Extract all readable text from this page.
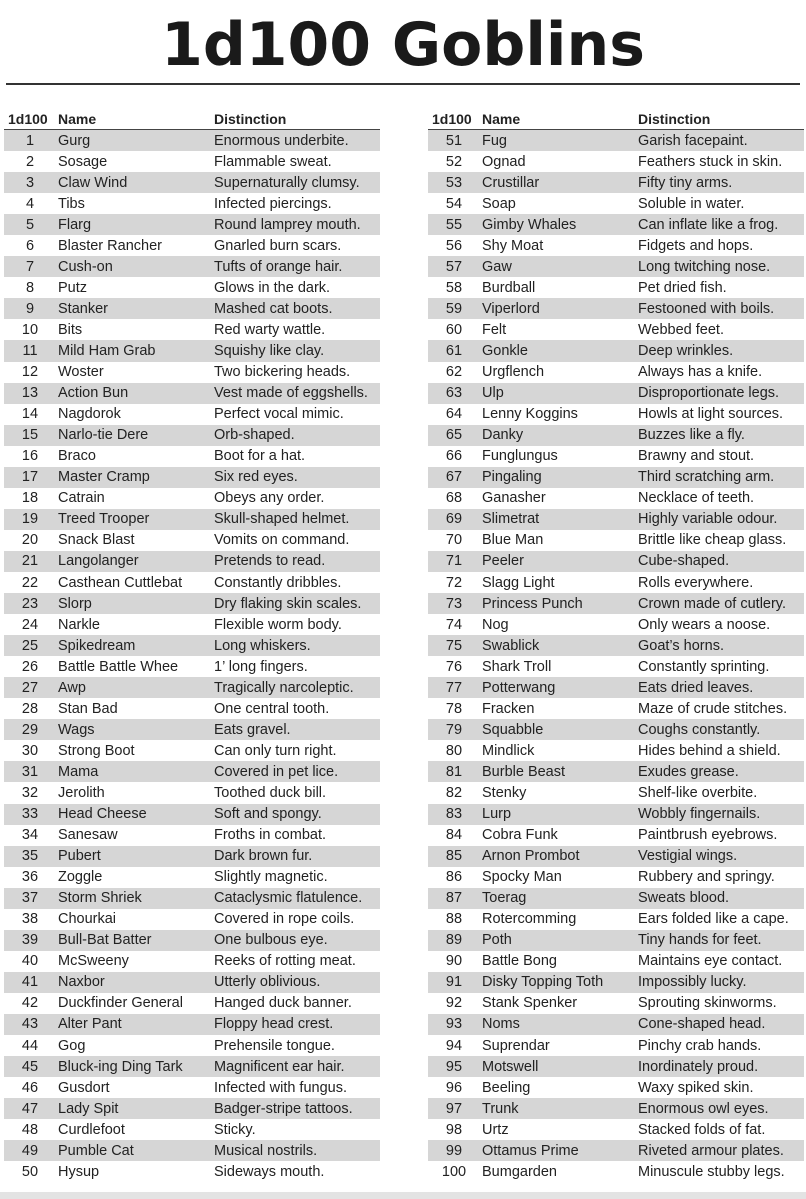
1d100 Goblins
1d100 Name	Distinction
1	Gurg	Enormous underbite.
2	Sosage	Flammable sweat.
3	Claw Wind	Supernaturally clumsy.
4	Tibs	Infected piercings.
5	Flarg	Round lamprey mouth.
6	Blaster Rancher	Gnarled burn scars.
7	Cush-on	Tufts of orange hair.
8	Putz	Glows in the dark.
9	Stanker	Mashed cat boots.
10	Bits	Red warty wattle.
11	Mild Ham Grab	Squishy like clay.
12	Woster	Two bickering heads.
13	Action Bun	Vest made of eggshells.
14	Nagdorok	Perfect vocal mimic.
15	Narlo-tie Dere	Orb-shaped.
16	Braco	Boot for a hat.
17	Master Cramp	Six red eyes.
18	Catrain	Obeys any order.
19	Treed Trooper	Skull-shaped helmet.
20	Snack Blast	Vomits on command.
21	Langolanger	Pretends to read.
22	Casthean Cuttlebat	Constantly dribbles.
23	Slorp	Dry flaking skin scales.
24	Narkle	Flexible worm body.
25	Spikedream	Long whiskers.
26	Battle Battle Whee	1’ long fingers.
27	Awp	Tragically narcoleptic.
28	Stan Bad	One central tooth.
29	Wags	Eats gravel.
30	Strong Boot	Can only turn right.
31	Mama	Covered in pet lice.
32	Jerolith	Toothed duck bill.
33	Head Cheese	Soft and spongy.
34	Sanesaw	Froths in combat.
35	Pubert	Dark brown fur.
36	Zoggle	Slightly magnetic.
37	Storm Shriek	Cataclysmic flatulence.
38	Chourkai	Covered in rope coils.
39	Bull-Bat Batter	One bulbous eye.
40	McSweeny	Reeks of rotting meat.
41	Naxbor	Utterly oblivious.
42	Duckfinder General	Hanged duck banner.
43	Alter Pant	Floppy head crest.
44	Gog	Prehensile tongue.
45	Bluck-ing Ding Tark	Magnificent ear hair.
46	Gusdort	Infected with fungus.
47	Lady Spit	Badger-stripe tattoos.
48	Curdlefoot	Sticky.
49	Pumble Cat	Musical nostrils.
50	Hysup	Sideways mouth.
1d100 Name	Distinction
51	Fug	Garish facepaint.
52	Ognad	Feathers stuck in skin.
53	Crustillar	Fifty tiny arms.
54	Soap	Soluble in water.
55	Gimby Whales	Can inflate like a frog.
56	Shy Moat	Fidgets and hops.
57	Gaw	Long twitching nose.
58	Burdball	Pet dried fish.
59	Viperlord	Festooned with boils.
60	Felt	Webbed feet.
61	Gonkle	Deep wrinkles.
62	Urgflench	Always has a knife.
63	Ulp	Disproportionate legs.
64	Lenny Koggins	Howls at light sources.
65	Danky	Buzzes like a fly.
66	Funglungus	Brawny and stout.
67	Pingaling	Third scratching arm.
68	Ganasher	Necklace of teeth.
69	Slimetrat	Highly variable odour.
70	Blue Man	Brittle like cheap glass.
71	Peeler	Cube-shaped.
72	Slagg Light	Rolls everywhere.
73	Princess Punch	Crown made of cutlery.
74	Nog	Only wears a noose.
75	Swablick	Goat’s horns.
76	Shark Troll	Constantly sprinting.
77	Potterwang	Eats dried leaves.
78	Fracken	Maze of crude stitches.
79	Squabble	Coughs constantly.
80	Mindlick	Hides behind a shield.
81	Burble Beast	Exudes grease.
82	Stenky	Shelf-like overbite.
83	Lurp	Wobbly fingernails.
84	Cobra Funk	Paintbrush eyebrows.
85	Arnon Prombot	Vestigial wings.
86	Spocky Man	Rubbery and springy.
87	Toerag	Sweats blood.
88	Rotercomming	Ears folded like a cape.
89	Poth	Tiny hands for feet.
90	Battle Bong	Maintains eye contact.
91	Disky Topping Toth	Impossibly lucky.
92	Stank Spenker	Sprouting skinworms.
93	Noms	Cone-shaped head.
94	Suprendar	Pinchy crab hands.
95	Motswell	Inordinately proud.
96	Beeling	Waxy spiked skin.
97	Trunk	Enormous owl eyes.
98	Urtz	Stacked folds of fat.
99	Ottamus Prime	Riveted armour plates.
100	Bumgarden	Minuscule stubby legs.
